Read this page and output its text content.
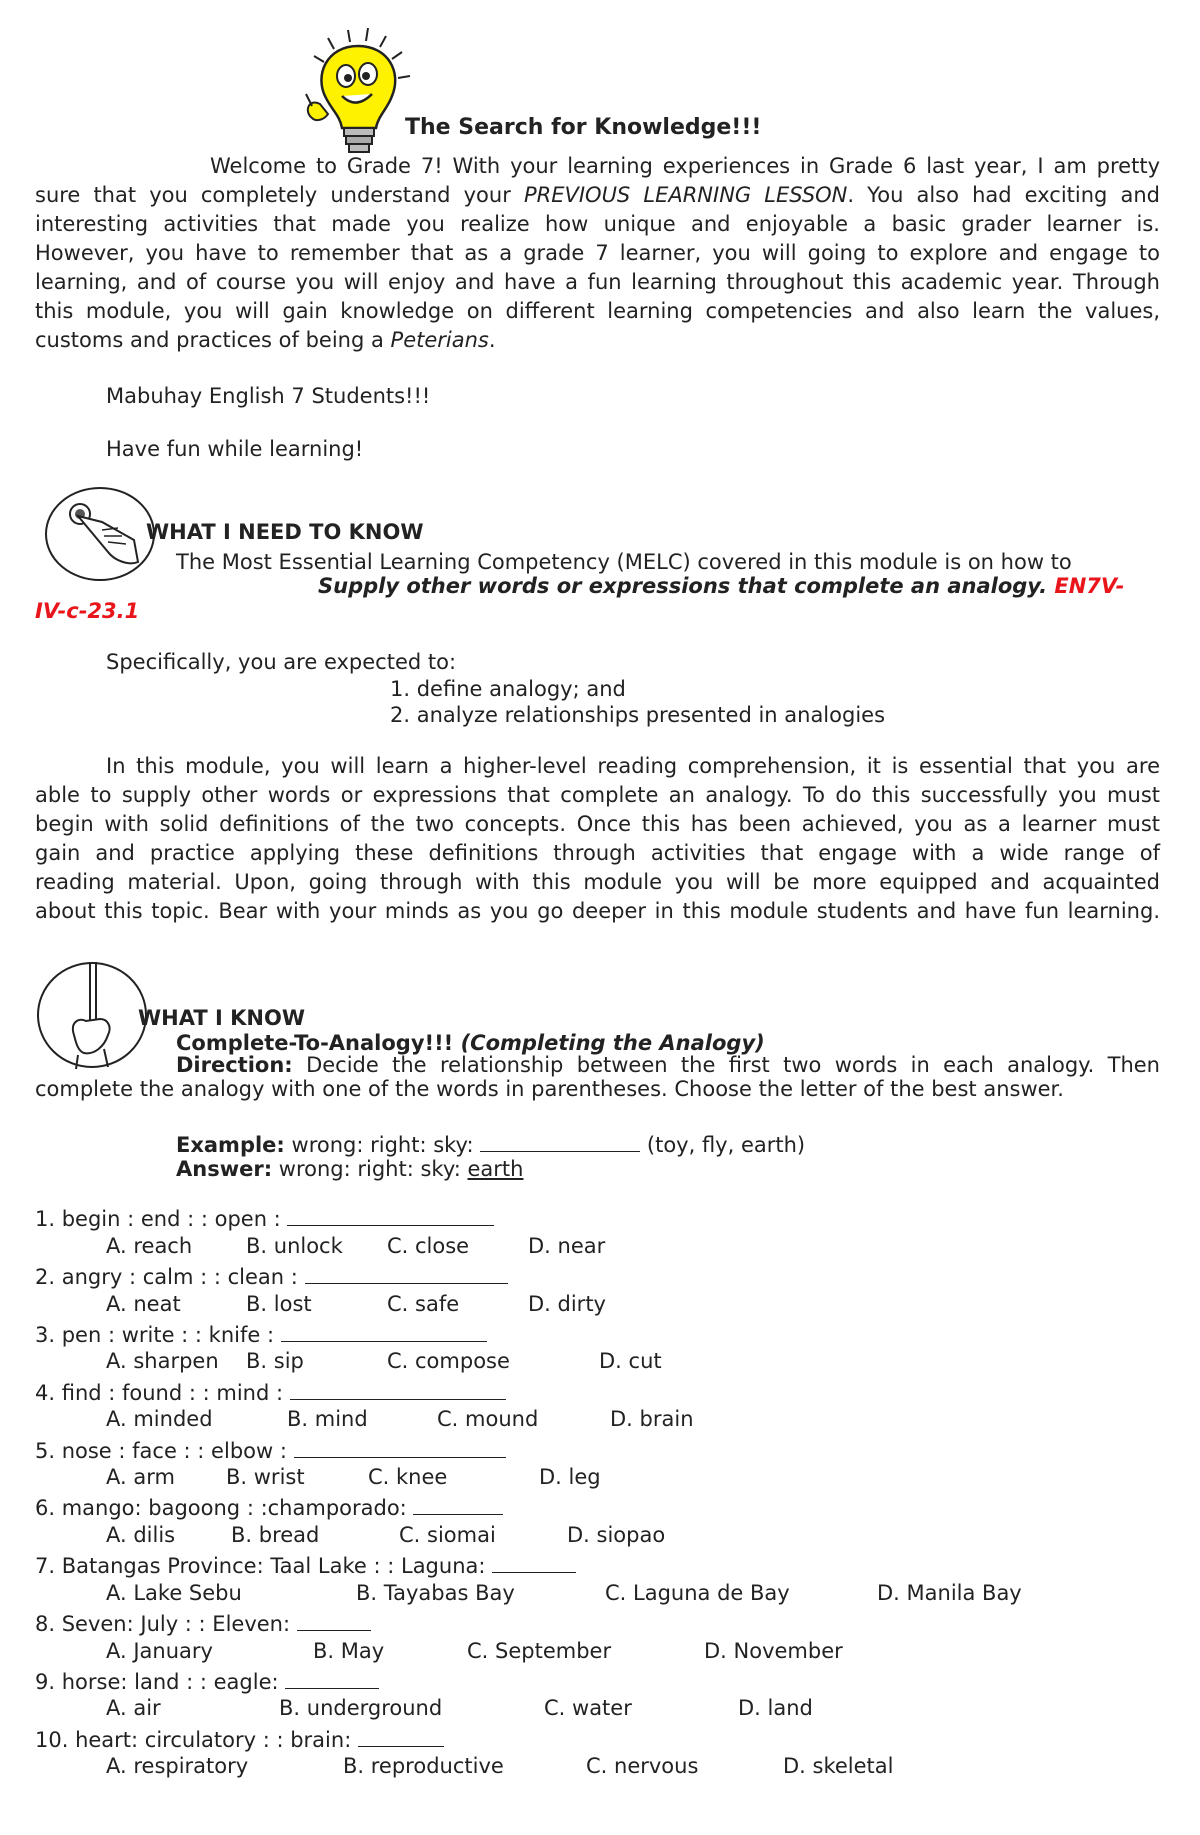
The Search for Knowledge!!!
Welcome to Grade 7! With your learning experiences in Grade 6 last year, I am pretty
sure that you completely understand your PREVIOUS LEARNING LESSON. You also had exciting and
interesting activities that made you realize how unique and enjoyable a basic grader learner is.
However, you have to remember that as a grade 7 learner, you will going to explore and engage to
learning, and of course you will enjoy and have a fun learning throughout this academic year. Through
this module, you will gain knowledge on different learning competencies and also learn the values,
customs and practices of being a Peterians.
Mabuhay English 7 Students!!!
Have fun while learning!
WHAT I NEED TO KNOW
The Most Essential Learning Competency (MELC) covered in this module is on how to
Supply other words or expressions that complete an analogy. EN7V-
IV-c-23.1
Specifically, you are expected to:
1. define analogy; and
2. analyze relationships presented in analogies
In this module, you will learn a higher-level reading comprehension, it is essential that you are
able to supply other words or expressions that complete an analogy. To do this successfully you must
begin with solid definitions of the two concepts. Once this has been achieved, you as a learner must
gain and practice applying these definitions through activities that engage with a wide range of
reading material. Upon, going through with this module you will be more equipped and acquainted
about this topic. Bear with your minds as you go deeper in this module students and have fun learning.
WHAT I KNOW
Complete-To-Analogy!!! (Completing the Analogy)
Direction: Decide the relationship between the first two words in each analogy. Then
complete the analogy with one of the words in parentheses. Choose the letter of the best answer.
Example: wrong: right: sky:	(toy, fly, earth)
Answer: wrong: right: sky: earth
1. begin : end : : open :
A. reach	B. unlock C. close	D. near
2. angry : calm : : clean :
A. neat	B. lost	C. safe	D. dirty
3. pen : write : : knife :
A. sharpen B. sip	C. compose	D. cut
4. find : found : : mind :
A. minded	B. mind	C. mound	D. brain
5. nose : face : : elbow :
A. arm B. wrist	C. knee	D. leg
6. mango: bagoong : :champorado:
A. dilis	B. bread	C. siomai	D. siopao
7. Batangas Province: Taal Lake : : Laguna:
A. Lake Sebu	B. Tayabas Bay	C. Laguna de Bay	D. Manila Bay
8. Seven: July : : Eleven:
A. January	B. May	C. September	D. November
9. horse: land : : eagle:
A. air	B. underground	C. water	D. land
10. heart: circulatory : : brain:
A. respiratory	B. reproductive	C. nervous	D. skeletal
